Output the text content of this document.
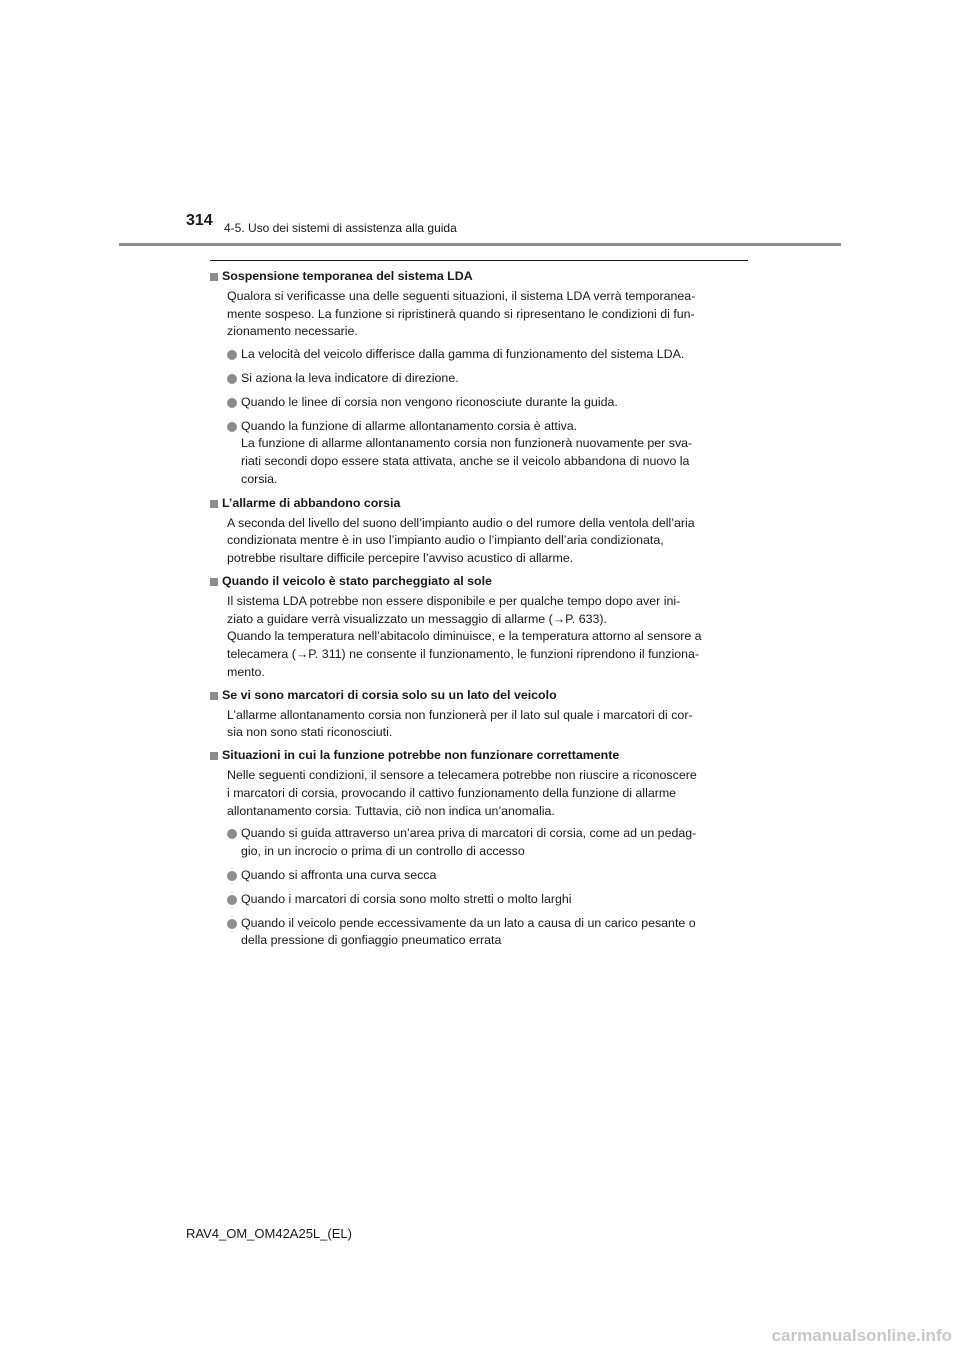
314 4-5. Uso dei sistemi di assistenza alla guida
Sospensione temporanea del sistema LDA
Qualora si verificasse una delle seguenti situazioni, il sistema LDA verrà temporanea-
mente sospeso. La funzione si ripristinerà quando si ripresentano le condizioni di fun-
zionamento necessarie.
La velocità del veicolo differisce dalla gamma di funzionamento del sistema LDA.
Si aziona la leva indicatore di direzione.
Quando le linee di corsia non vengono riconosciute durante la guida.
Quando la funzione di allarme allontanamento corsia è attiva.
La funzione di allarme allontanamento corsia non funzionerà nuovamente per sva-
riati secondi dopo essere stata attivata, anche se il veicolo abbandona di nuovo la
corsia.
L’allarme di abbandono corsia
A seconda del livello del suono dell’impianto audio o del rumore della ventola dell’aria
condizionata mentre è in uso l’impianto audio o l’impianto dell’aria condizionata,
potrebbe risultare difficile percepire l’avviso acustico di allarme.
Quando il veicolo è stato parcheggiato al sole
Il sistema LDA potrebbe non essere disponibile e per qualche tempo dopo aver ini-
ziato a guidare verrà visualizzato un messaggio di allarme (→P. 633).
Quando la temperatura nell’abitacolo diminuisce, e la temperatura attorno al sensore a
telecamera (→P. 311) ne consente il funzionamento, le funzioni riprendono il funziona-
mento.
Se vi sono marcatori di corsia solo su un lato del veicolo
L’allarme allontanamento corsia non funzionerà per il lato sul quale i marcatori di cor-
sia non sono stati riconosciuti.
Situazioni in cui la funzione potrebbe non funzionare correttamente
Nelle seguenti condizioni, il sensore a telecamera potrebbe non riuscire a riconoscere
i marcatori di corsia, provocando il cattivo funzionamento della funzione di allarme
allontanamento corsia. Tuttavia, ciò non indica un’anomalia.
Quando si guida attraverso un’area priva di marcatori di corsia, come ad un pedag-
gio, in un incrocio o prima di un controllo di accesso
Quando si affronta una curva secca
Quando i marcatori di corsia sono molto stretti o molto larghi
Quando il veicolo pende eccessivamente da un lato a causa di un carico pesante o
della pressione di gonfiaggio pneumatico errata
RAV4_OM_OM42A25L_(EL)
carmanualsonline.info
